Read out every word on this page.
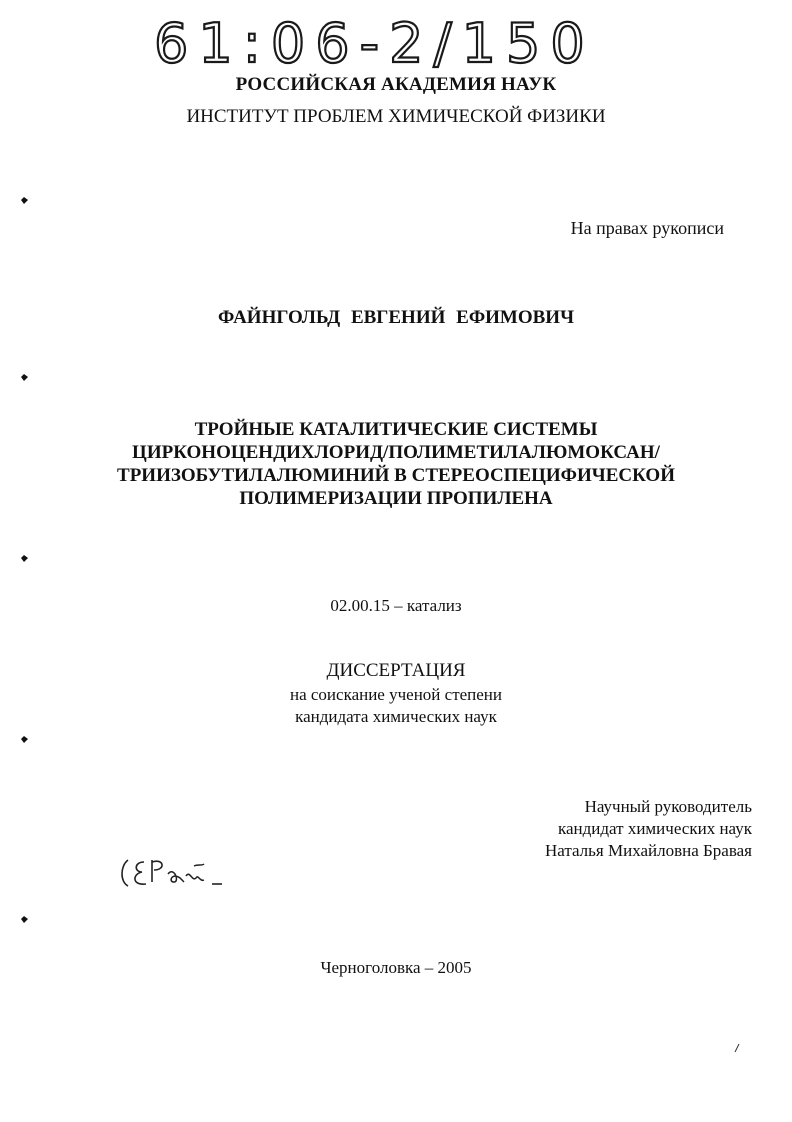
61:06-2/150
РОССИЙСКАЯ АКАДЕМИЯ НАУК
ИНСТИТУТ ПРОБЛЕМ ХИМИЧЕСКОЙ ФИЗИКИ
На правах рукописи
ФАЙНГОЛЬД ЕВГЕНИЙ ЕФИМОВИЧ
ТРОЙНЫЕ КАТАЛИТИЧЕСКИЕ СИСТЕМЫ
ЦИРКОНОЦЕНДИХЛОРИД/ПОЛИМЕТИЛАЛЮМОКСАН/
ТРИИЗОБУТИЛАЛЮМИНИЙ В СТЕРЕОСПЕЦИФИЧЕСКОЙ
ПОЛИМЕРИЗАЦИИ ПРОПИЛЕНА
02.00.15 – катализ
ДИССЕРТАЦИЯ
на соискание ученой степени
кандидата химических наук
Научный руководитель
кандидат химических наук
Наталья Михайловна Бравая
Черноголовка – 2005
